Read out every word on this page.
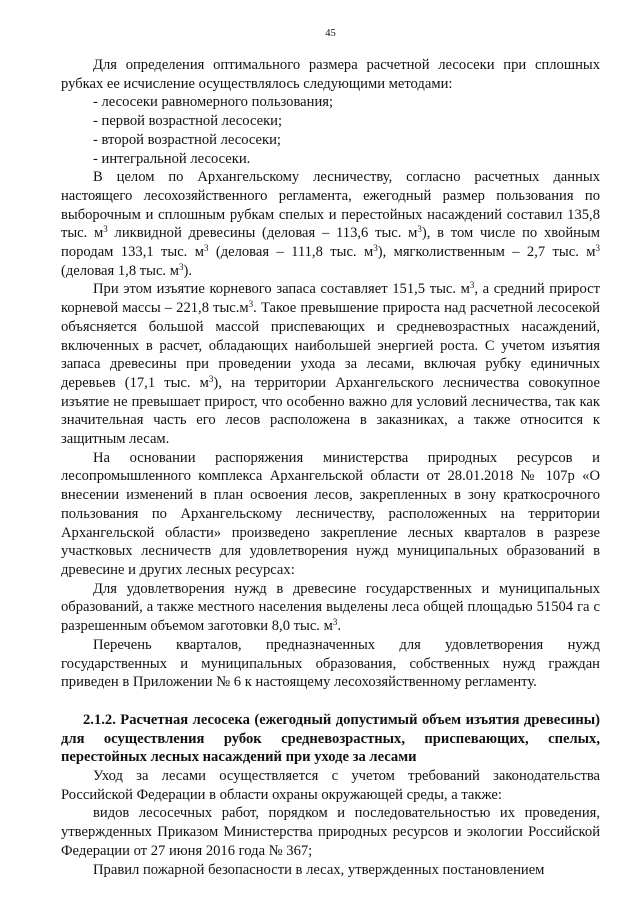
45

Для определения оптимального размера расчетной лесосеки при сплошных рубках ее исчисление осуществлялось следующими методами:

- лесосеки равномерного пользования;
- первой возрастной лесосеки;
- второй возрастной лесосеки;
- интегральной лесосеки.

В целом по Архангельскому лесничеству, согласно расчетных данных настоящего лесохозяйственного регламента, ежегодный размер пользования по выборочным и сплошным рубкам спелых и перестойных насаждений составил 135,8 тыс. $м^3$ ликвидной древесины (деловая – 113,6 тыс. $м^3$), в том числе по хвойным породам 133,1 тыс. $м^3$ (деловая – 111,8 тыс. $м^3$), мягколиственным – 2,7 тыс. $м^3$ (деловая 1,8 тыс. $м^3$).

При этом изъятие корневого запаса составляет 151,5 тыс. $м^3$, а средний прирост корневой массы – 221,8 $тыс.м^3$. Такое превышение прироста над расчетной лесосекой объясняется большой массой приспевающих и средневозрастных насаждений, включенных в расчет, обладающих наибольшей энергией роста. С учетом изъятия запаса древесины при проведении ухода за лесами, включая рубку единичных деревьев (17,1 тыс. $м^3$), на территории Архангельского лесничества совокупное изъятие не превышает прирост, что особенно важно для условий лесничества, так как значительная часть его лесов расположена в заказниках, а также относится к защитным лесам.

На основании распоряжения министерства природных ресурсов и лесопромышленного комплекса Архангельской области от 28.01.2018 № 107р «О внесении изменений в план освоения лесов, закрепленных в зону краткосрочного пользования по Архангельскому лесничеству, расположенных на территории Архангельской области» произведено закрепление лесных кварталов в разрезе участковых лесничеств для удовлетворения нужд муниципальных образований в древесине и других лесных ресурсах:

Для удовлетворения нужд в древесине государственных и муниципальных образований, а также местного населения выделены леса общей площадью 51504 га с разрешенным объемом заготовки 8,0 тыс. $м^3$.

Перечень кварталов, предназначенных для удовлетворения нужд государственных и муниципальных образования, собственных нужд граждан приведен в Приложении № 6 к настоящему лесохозяйственному регламенту.

2.1.2. Расчетная лесосека (ежегодный допустимый объем изъятия древесины) для осуществления рубок средневозрастных, приспевающих, спелых, перестойных лесных насаждений при уходе за лесами

Уход за лесами осуществляется с учетом требований законодательства Российской Федерации в области охраны окружающей среды, а также:

видов лесосечных работ, порядком и последовательностью их проведения, утвержденных Приказом Министерства природных ресурсов и экологии Российской Федерации от 27 июня 2016 года № 367;

Правил пожарной безопасности в лесах, утвержденных постановлением
